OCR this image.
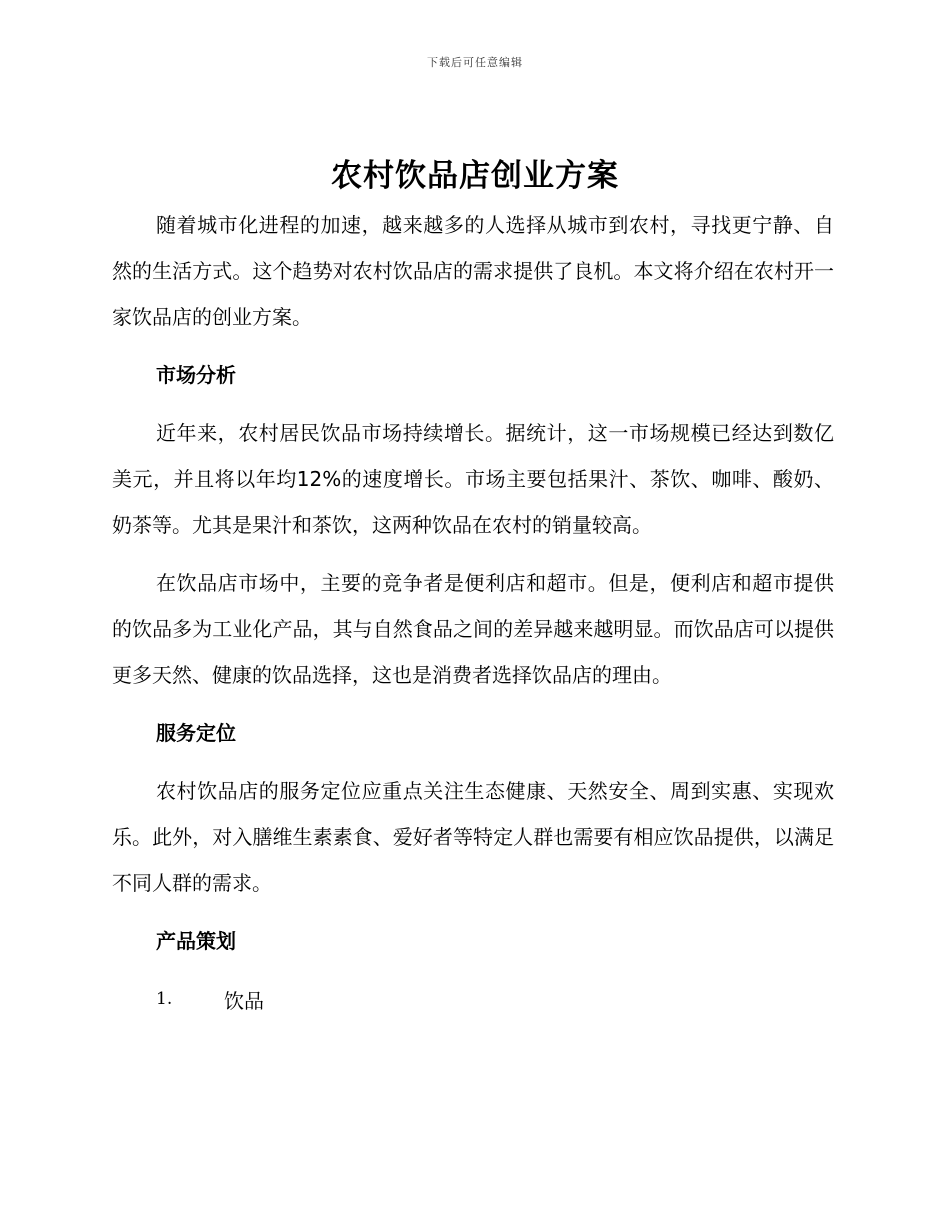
下载后可任意编辑
农村饮品店创业方案

随着城市化进程的加速，越来越多的人选择从城市到农村，寻找更宁静、自然的生活方式。这个趋势对农村饮品店的需求提供了良机。本文将介绍在农村开一家饮品店的创业方案。

市场分析

近年来，农村居民饮品市场持续增长。据统计，这一市场规模已经达到数亿美元，并且将以年均12%的速度增长。市场主要包括果汁、茶饮、咖啡、酸奶、奶茶等。尤其是果汁和茶饮，这两种饮品在农村的销量较高。

在饮品店市场中，主要的竞争者是便利店和超市。但是，便利店和超市提供的饮品多为工业化产品，其与自然食品之间的差异越来越明显。而饮品店可以提供更多天然、健康的饮品选择，这也是消费者选择饮品店的理由。

服务定位

农村饮品店的服务定位应重点关注生态健康、天然安全、周到实惠、实现欢乐。此外，对入膳维生素素食、爱好者等特定人群也需要有相应饮品提供，以满足不同人群的需求。

产品策划
1.	饮品
